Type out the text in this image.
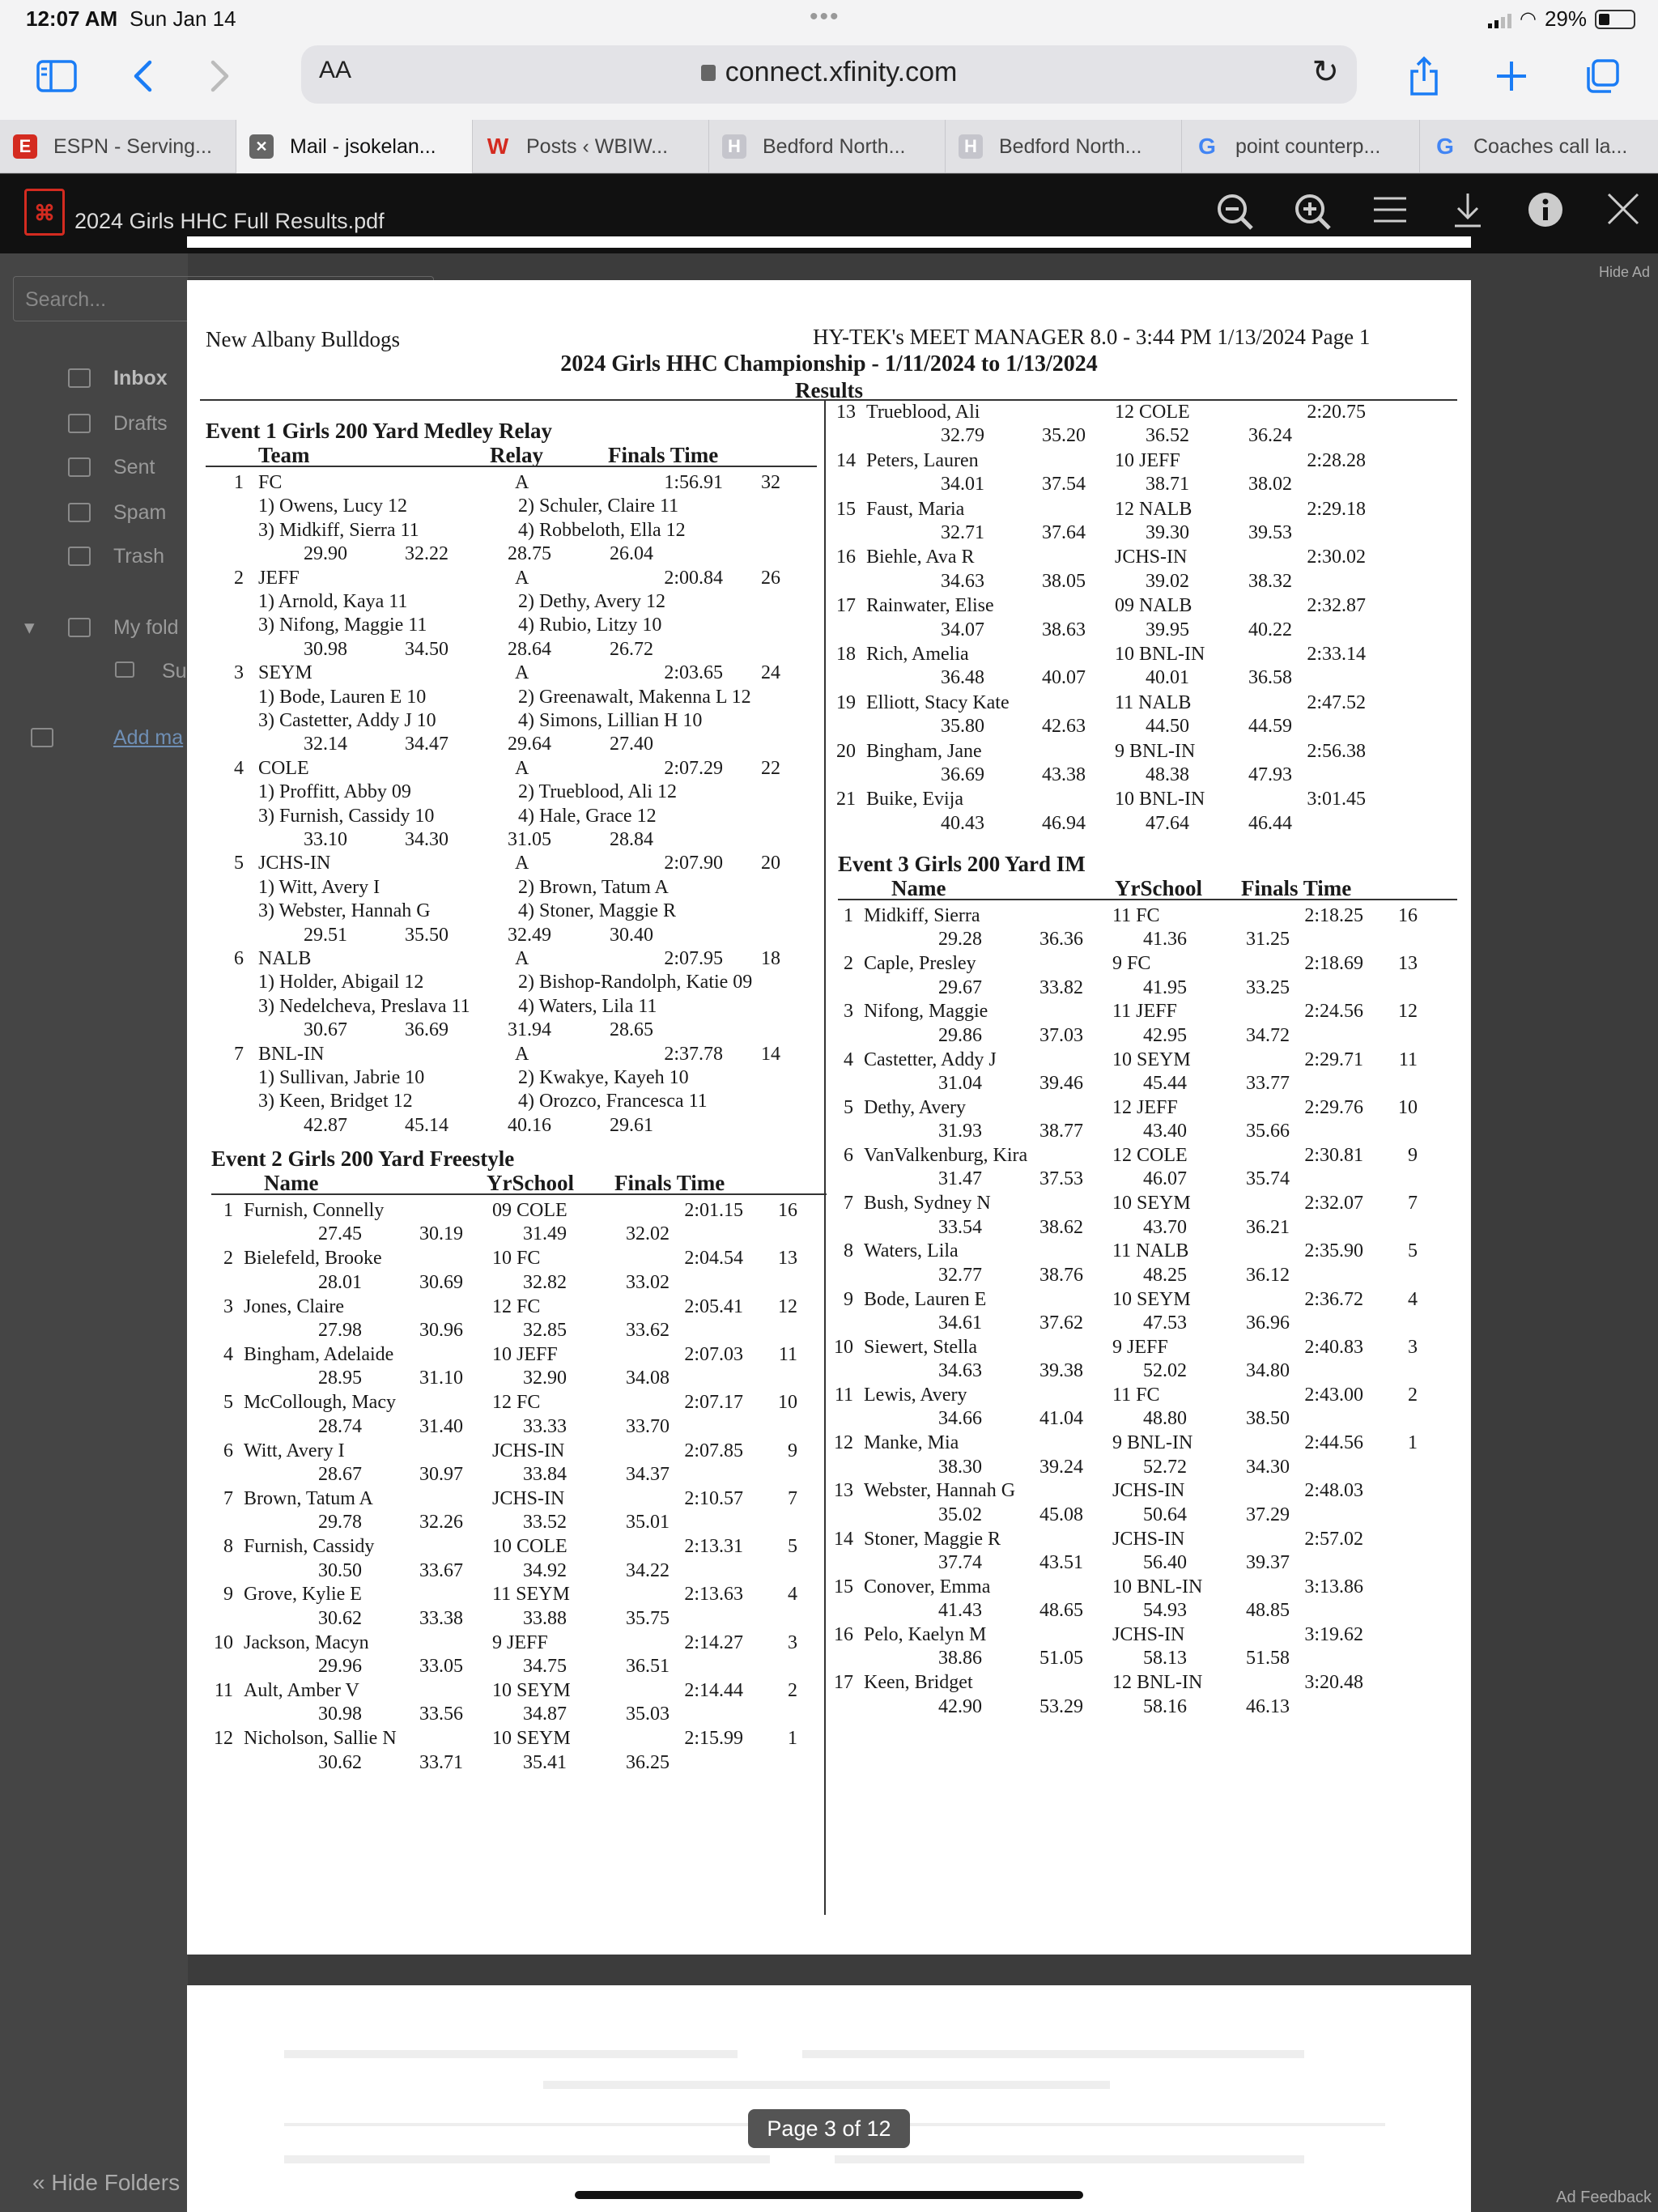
12:07 AM Sun Jan 14	•••	◠ 29%
AA	connect.xfinity.com	↻
E	ESPN - Serving...	✕ Mail - jsokelan... W Posts ‹ WBIW...	H Bedford North...	H Bedford North... G point counterp... G Coaches call la...
⌘ 2024 Girls HHC Full Results.pdf
Search...
Inbox
Drafts
Sent
Spam
Trash
▾	My fold
Su
Add ma
« Hide Folders
Hide Ad
New Albany Bulldogs	HY-TEK's MEET MANAGER 8.0 - 3:44 PM 1/13/2024 Page 1
2024 Girls HHC Championship - 1/11/2024 to 1/13/2024
Results
Event 1 Girls 200 Yard Medley Relay
Team	Relay	Finals Time
1 FC	A	1:56.91 32
1) Owens, Lucy 12	2) Schuler, Claire 11
3) Midkiff, Sierra 11	4) Robbeloth, Ella 12
29.90	32.22	28.75	26.04
2 JEFF	A	2:00.84 26
1) Arnold, Kaya 11	2) Dethy, Avery 12
3) Nifong, Maggie 11	4) Rubio, Litzy 10
30.98	34.50	28.64	26.72
3 SEYM	A	2:03.65 24
1) Bode, Lauren E 10	2) Greenawalt, Makenna L 12
3) Castetter, Addy J 10	4) Simons, Lillian H 10
32.14	34.47	29.64	27.40
4 COLE	A	2:07.29 22
1) Proffitt, Abby 09	2) Trueblood, Ali 12
3) Furnish, Cassidy 10	4) Hale, Grace 12
33.10	34.30	31.05	28.84
5 JCHS-IN	A	2:07.90 20
1) Witt, Avery I	2) Brown, Tatum A
3) Webster, Hannah G	4) Stoner, Maggie R
29.51	35.50	32.49	30.40
6 NALB	A	2:07.95 18
1) Holder, Abigail 12	2) Bishop-Randolph, Katie 09
3) Nedelcheva, Preslava 11 4) Waters, Lila 11
30.67	36.69	31.94	28.65
7 BNL-IN	A	2:37.78 14
1) Sullivan, Jabrie 10	2) Kwakye, Kayeh 10
3) Keen, Bridget 12	4) Orozco, Francesca 11
42.87	45.14	40.16	29.61
Event 2 Girls 200 Yard Freestyle
Name	YrSchool Finals Time
1 Furnish, Connelly	09 COLE	2:01.15 16
27.45	30.19	31.49	32.02
2 Bielefeld, Brooke	10 FC	2:04.54 13
28.01	30.69	32.82	33.02
3 Jones, Claire	12 FC	2:05.41 12
27.98	30.96	32.85	33.62
4 Bingham, Adelaide	10 JEFF	2:07.03 11
28.95	31.10	32.90	34.08
5 McCollough, Macy	12 FC	2:07.17 10
28.74	31.40	33.33	33.70
6 Witt, Avery I	JCHS-IN	2:07.85 9
28.67	30.97	33.84	34.37
7 Brown, Tatum A	JCHS-IN	2:10.57 7
29.78	32.26	33.52	35.01
8 Furnish, Cassidy	10 COLE	2:13.31 5
30.50	33.67	34.92	34.22
9 Grove, Kylie E	11 SEYM	2:13.63 4
30.62	33.38	33.88	35.75
10 Jackson, Macyn	9 JEFF	2:14.27 3
29.96	33.05	34.75	36.51
11 Ault, Amber V	10 SEYM	2:14.44 2
30.98	33.56	34.87	35.03
12 Nicholson, Sallie N	10 SEYM	2:15.99 1
30.62	33.71	35.41	36.25
13 Trueblood, Ali	12 COLE	2:20.75
32.79	35.20	36.52	36.24
14 Peters, Lauren	10 JEFF	2:28.28
34.01	37.54	38.71	38.02
15 Faust, Maria	12 NALB	2:29.18
32.71	37.64	39.30	39.53
16 Biehle, Ava R	JCHS-IN	2:30.02
34.63	38.05	39.02	38.32
17 Rainwater, Elise	09 NALB	2:32.87
34.07	38.63	39.95	40.22
18 Rich, Amelia	10 BNL-IN	2:33.14
36.48	40.07	40.01	36.58
19 Elliott, Stacy Kate	11 NALB	2:47.52
35.80	42.63	44.50	44.59
20 Bingham, Jane	9 BNL-IN	2:56.38
36.69	43.38	48.38	47.93
21 Buike, Evija	10 BNL-IN	3:01.45
40.43	46.94	47.64	46.44
Event 3 Girls 200 Yard IM
Name	YrSchool Finals Time
1 Midkiff, Sierra	11 FC	2:18.25 16
29.28	36.36	41.36	31.25
2 Caple, Presley	9 FC	2:18.69 13
29.67	33.82	41.95	33.25
3 Nifong, Maggie	11 JEFF	2:24.56 12
29.86	37.03	42.95	34.72
4 Castetter, Addy J	10 SEYM	2:29.71 11
31.04	39.46	45.44	33.77
5 Dethy, Avery	12 JEFF	2:29.76 10
31.93	38.77	43.40	35.66
6 VanValkenburg, Kira	12 COLE	2:30.81 9
31.47	37.53	46.07	35.74
7 Bush, Sydney N	10 SEYM	2:32.07 7
33.54	38.62	43.70	36.21
8 Waters, Lila	11 NALB	2:35.90 5
32.77	38.76	48.25	36.12
9 Bode, Lauren E	10 SEYM	2:36.72 4
34.61	37.62	47.53	36.96
10 Siewert, Stella	9 JEFF	2:40.83 3
34.63	39.38	52.02	34.80
11 Lewis, Avery	11 FC	2:43.00 2
34.66	41.04	48.80	38.50
12 Manke, Mia	9 BNL-IN	2:44.56 1
38.30	39.24	52.72	34.30
13 Webster, Hannah G	JCHS-IN	2:48.03
35.02	45.08	50.64	37.29
14 Stoner, Maggie R	JCHS-IN	2:57.02
37.74	43.51	56.40	39.37
15 Conover, Emma	10 BNL-IN	3:13.86
41.43	48.65	54.93	48.85
16 Pelo, Kaelyn M	JCHS-IN	3:19.62
38.86	51.05	58.13	51.58
17 Keen, Bridget	12 BNL-IN	3:20.48
42.90	53.29	58.16	46.13
Page 3 of 12
Ad Feedback
